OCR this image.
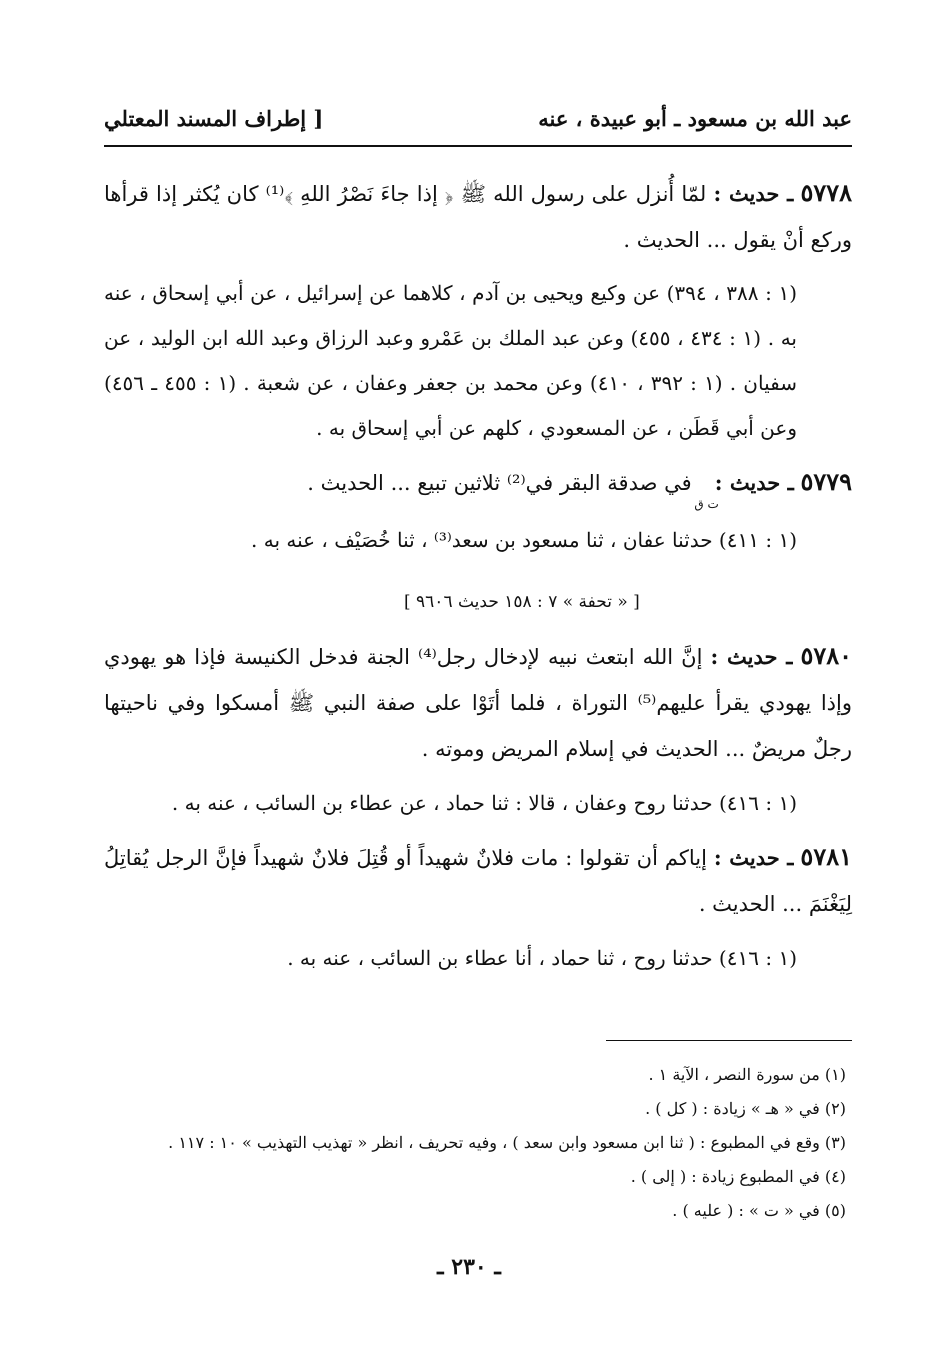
عبد الله بن مسعود ـ أبو عبيدة ، عنه
[ إطراف المسند المعتلي

٥٧٧٨ ـ حديث : لمّا أُنزل على رسول الله ﷺ ﴿ إذا جاءَ نَصْرُ اللهِ ﴾⁽¹⁾ كان يُكثر إذا قرأها وركع أنْ يقول ... الحديث .

(١ : ٣٨٨ ، ٣٩٤) عن وكيع ويحيى بن آدم ، كلاهما عن إسرائيل ، عن أبي إسحاق ، عنه به . (١ : ٤٣٤ ، ٤٥٥) وعن عبد الملك بن عَمْرو وعبد الرزاق وعبد الله ابن الوليد ، عن سفيان . (١ : ٣٩٢ ، ٤١٠) وعن محمد بن جعفر وعفان ، عن شعبة . (١ : ٤٥٥ ـ ٤٥٦) وعن أبي قَطَن ، عن المسعودي ، كلهم عن أبي إسحاق به .

٥٧٧٩ ـ حديث :ت ق في صدقة البقر في⁽²⁾ ثلاثين تبيع ... الحديث .

(١ : ٤١١) حدثنا عفان ، ثنا مسعود بن سعد⁽³⁾ ، ثنا خُصَيْف ، عنه به .

[ « تحفة » ٧ : ١٥٨ حديث ٩٦٠٦ ]

٥٧٨٠ ـ حديث : إنَّ الله ابتعث نبيه لإدخال رجل⁽⁴⁾ الجنة فدخل الكنيسة فإذا هو يهودي وإذا يهودي يقرأ عليهم⁽⁵⁾ التوراة ، فلما أتَوْا على صفة النبي ﷺ أمسكوا وفي ناحيتها رجلٌ مريضٌ ... الحديث في إسلام المريض وموته .

(١ : ٤١٦) حدثنا روح وعفان ، قالا : ثنا حماد ، عن عطاء بن السائب ، عنه به .

٥٧٨١ ـ حديث : إياكم أن تقولوا : مات فلانٌ شهيداً أو قُتِلَ فلانٌ شهيداً فإنَّ الرجل يُقاتِلُ لِيَغْنَمَ ... الحديث .

(١ : ٤١٦) حدثنا روح ، ثنا حماد ، أنا عطاء بن السائب ، عنه به .

(١) من سورة النصر ، الآية ١ .

(٢) في « هـ » زيادة : ( كل ) .

(٣) وقع في المطبوع : ( ثنا ابن مسعود وابن سعد ) ، وفيه تحريف ، انظر « تهذيب التهذيب » ١٠ : ١١٧ .

(٤) في المطبوع زيادة : ( إلى ) .

(٥) في « ت » : ( عليه ) .

ـ ٢٣٠ ـ
